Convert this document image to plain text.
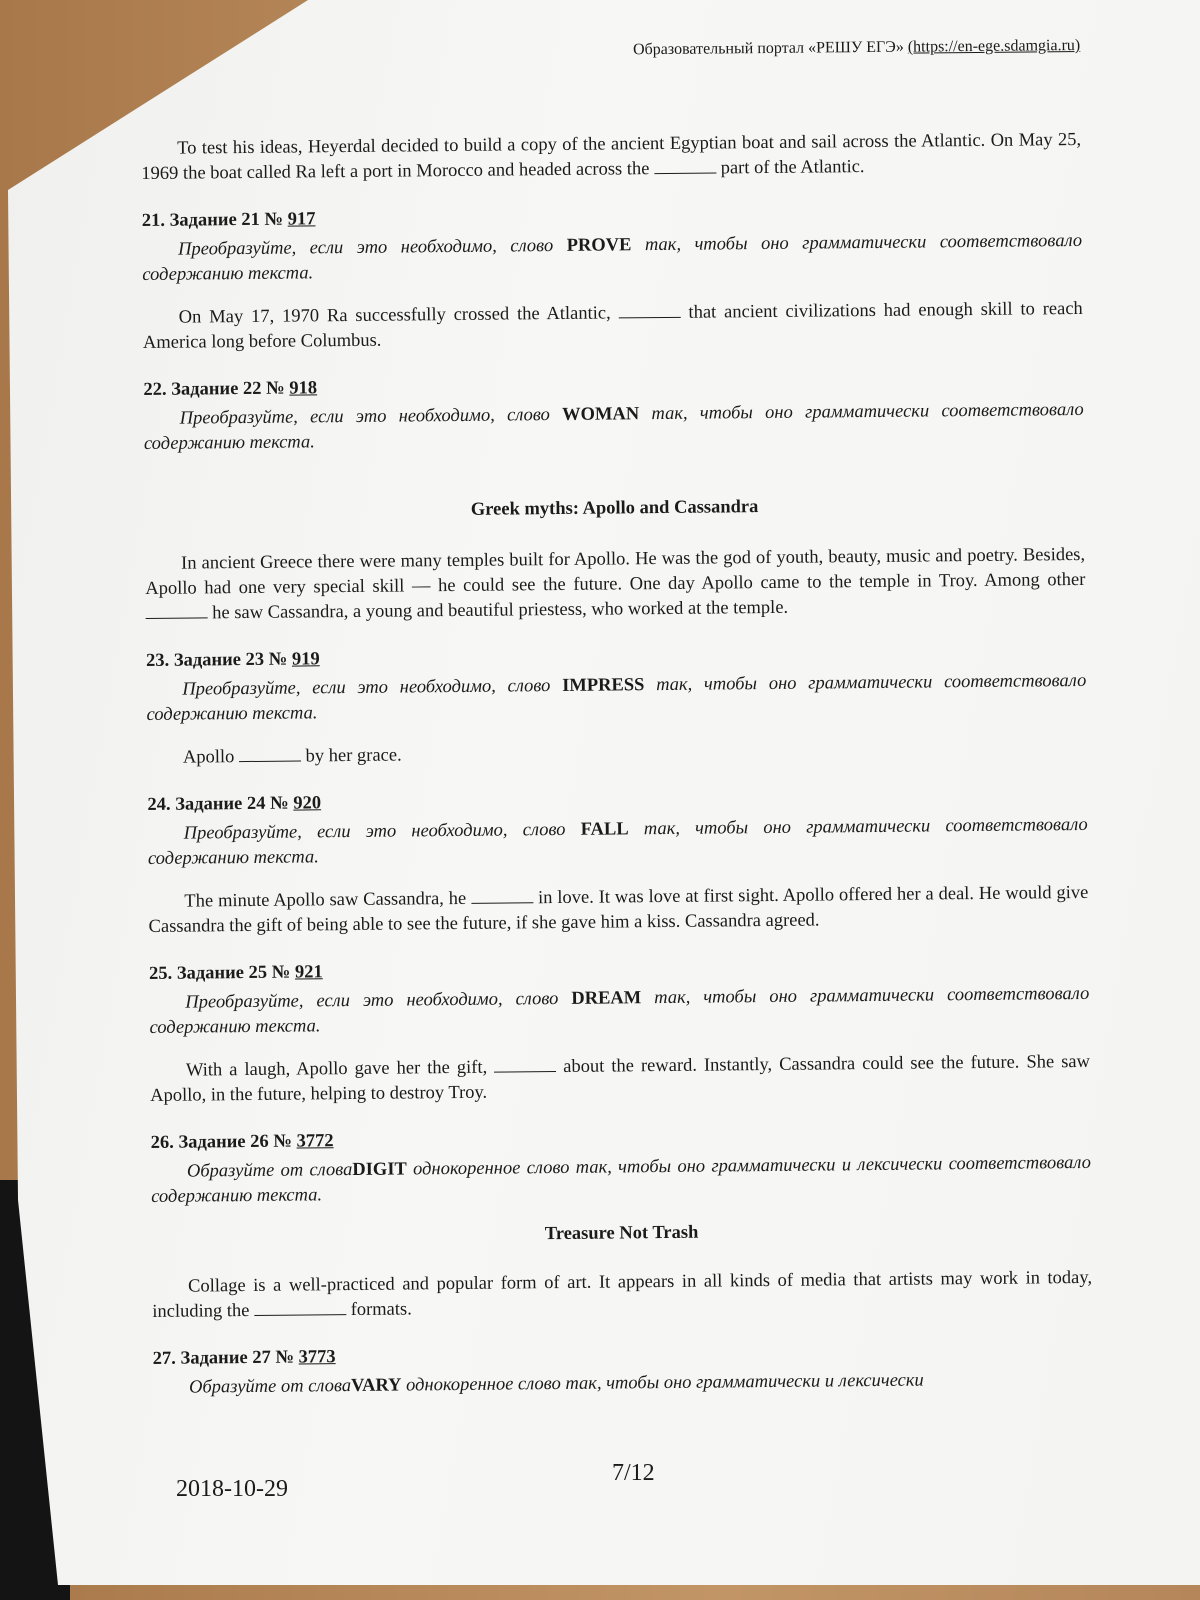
Образовательный портал «РЕШУ ЕГЭ» (https://en-ege.sdamgia.ru)

To test his ideas, Heyerdal decided to build a copy of the ancient Egyptian boat and sail across the Atlantic. On May 25, 1969 the boat called Ra left a port in Morocco and headed across the	part of the Atlantic.

21. Задание 21 № 917

Преобразуйте, если это необходимо, слово PROVE так, чтобы оно грамматически соответствовало содержанию текста.

On May 17, 1970 Ra successfully crossed the Atlantic,	that ancient civilizations had enough skill to reach America long before Columbus.

22. Задание 22 № 918

Преобразуйте, если это необходимо, слово WOMAN так, чтобы оно грамматически соответствовало содержанию текста.

Greek myths: Apollo and Cassandra

In ancient Greece there were many temples built for Apollo. He was the god of youth, beauty, music and poetry. Besides, Apollo had one very special skill — he could see the future. One day Apollo came to the temple in Troy. Among other  he saw Cassandra, a young and beautiful priestess, who worked at the temple.

23. Задание 23 № 919

Преобразуйте, если это необходимо, слово IMPRESS так, чтобы оно грамматически соответствовало содержанию текста.

Apollo	by her grace.

24. Задание 24 № 920

Преобразуйте, если это необходимо, слово FALL так, чтобы оно грамматически соответствовало содержанию текста.

The minute Apollo saw Cassandra, he	in love. It was love at first sight. Apollo offered her a deal. He would give Cassandra the gift of being able to see the future, if she gave him a kiss. Cassandra agreed.

25. Задание 25 № 921

Преобразуйте, если это необходимо, слово DREAM так, чтобы оно грамматически соответствовало содержанию текста.

With a laugh, Apollo gave her the gift,	about the reward. Instantly, Cassandra could see the future. She saw Apollo, in the future, helping to destroy Troy.

26. Задание 26 № 3772

Образуйте от словаDIGIT однокоренное слово так, чтобы оно грамматически и лексически соответствовало содержанию текста.

Treasure Not Trash

Collage is a well-practiced and popular form of art. It appears in all kinds of media that artists may work in today, including the	formats.

27. Задание 27 № 3773

Образуйте от словаVARY однокоренное слово так, чтобы оно грамматически и лексически

2018-10-29
7/12
